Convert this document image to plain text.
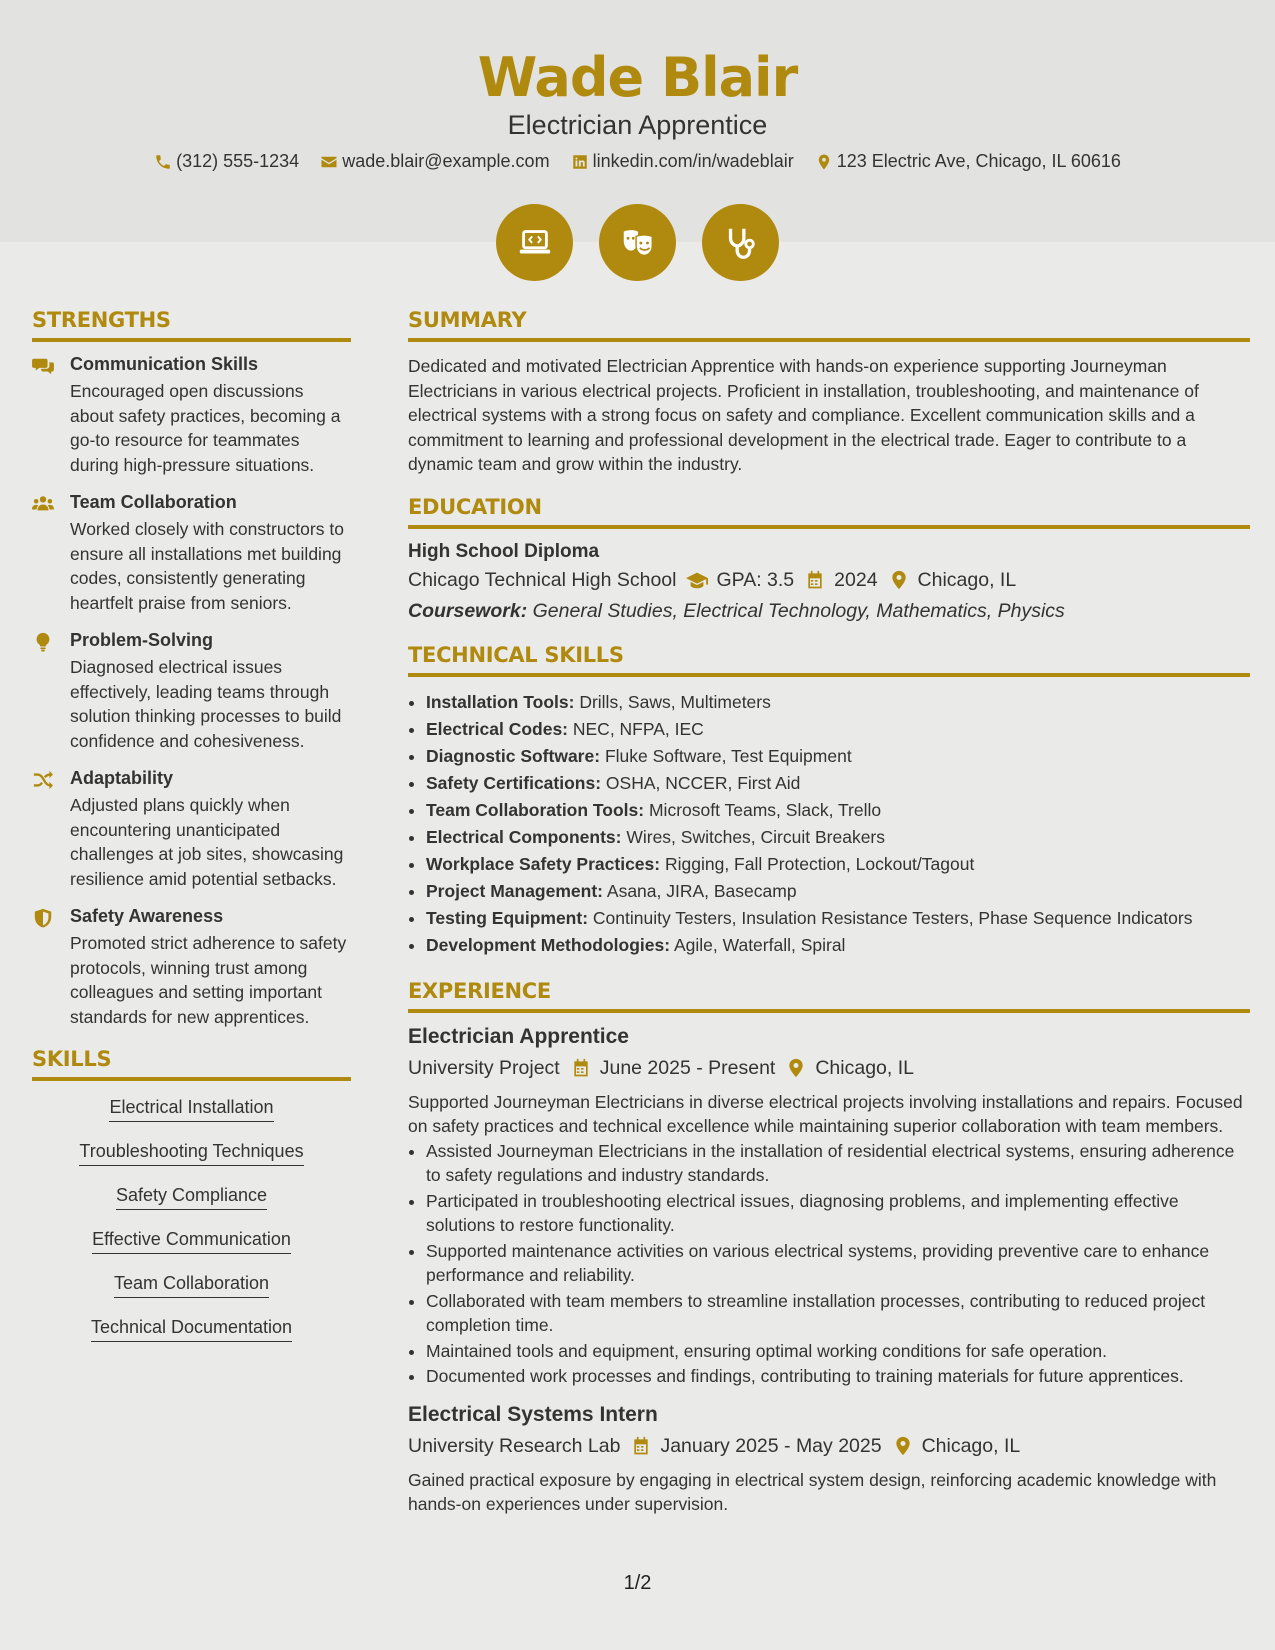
Wade Blair
Electrician Apprentice
(312) 555-1234
wade.blair@example.com
linkedin.com/in/wadeblair
123 Electric Ave, Chicago, IL 60616
STRENGTHS
Communication Skills
Encouraged open discussions about safety practices, becoming a go-to resource for teammates during high-pressure situations.
Team Collaboration
Worked closely with constructors to ensure all installations met building codes, consistently generating heartfelt praise from seniors.
Problem-Solving
Diagnosed electrical issues effectively, leading teams through solution thinking processes to build confidence and cohesiveness.
Adaptability
Adjusted plans quickly when encountering unanticipated challenges at job sites, showcasing resilience amid potential setbacks.
Safety Awareness
Promoted strict adherence to safety protocols, winning trust among colleagues and setting important standards for new apprentices.
SKILLS
Electrical Installation
Troubleshooting Techniques
Safety Compliance
Effective Communication
Team Collaboration
Technical Documentation
SUMMARY
Dedicated and motivated Electrician Apprentice with hands-on experience supporting Journeyman Electricians in various electrical projects. Proficient in installation, troubleshooting, and maintenance of electrical systems with a strong focus on safety and compliance. Excellent communication skills and a commitment to learning and professional development in the electrical trade. Eager to contribute to a dynamic team and grow within the industry.
EDUCATION
High School Diploma
Chicago Technical High School GPA: 3.5 2024 Chicago, IL
Coursework: General Studies, Electrical Technology, Mathematics, Physics
TECHNICAL SKILLS
• Installation Tools: Drills, Saws, Multimeters
• Electrical Codes: NEC, NFPA, IEC
• Diagnostic Software: Fluke Software, Test Equipment
• Safety Certifications: OSHA, NCCER, First Aid
• Team Collaboration Tools: Microsoft Teams, Slack, Trello
• Electrical Components: Wires, Switches, Circuit Breakers
• Workplace Safety Practices: Rigging, Fall Protection, Lockout/Tagout
• Project Management: Asana, JIRA, Basecamp
• Testing Equipment: Continuity Testers, Insulation Resistance Testers, Phase Sequence Indicators
• Development Methodologies: Agile, Waterfall, Spiral
EXPERIENCE
Electrician Apprentice
University Project June 2025 - Present Chicago, IL
Supported Journeyman Electricians in diverse electrical projects involving installations and repairs. Focused on safety practices and technical excellence while maintaining superior collaboration with team members.
• Assisted Journeyman Electricians in the installation of residential electrical systems, ensuring adherence to safety regulations and industry standards.
• Participated in troubleshooting electrical issues, diagnosing problems, and implementing effective solutions to restore functionality.
• Supported maintenance activities on various electrical systems, providing preventive care to enhance performance and reliability.
• Collaborated with team members to streamline installation processes, contributing to reduced project completion time.
• Maintained tools and equipment, ensuring optimal working conditions for safe operation.
• Documented work processes and findings, contributing to training materials for future apprentices.
Electrical Systems Intern
University Research Lab January 2025 - May 2025 Chicago, IL
Gained practical exposure by engaging in electrical system design, reinforcing academic knowledge with hands-on experiences under supervision.
1/2
